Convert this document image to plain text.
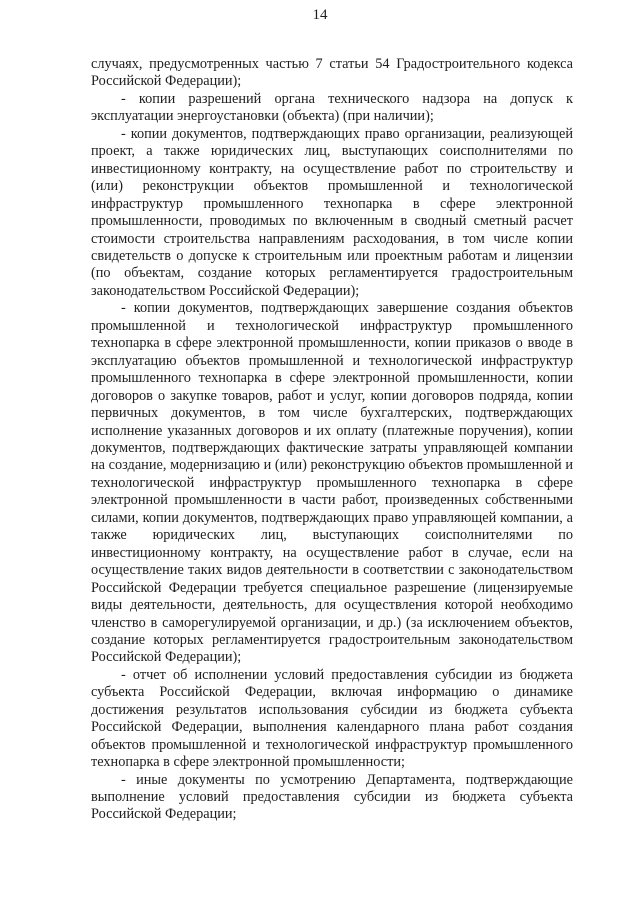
14

случаях, предусмотренных частью 7 статьи 54 Градостроительного кодекса Российской Федерации);

- копии разрешений органа технического надзора на допуск к эксплуатации энергоустановки (объекта) (при наличии);

- копии документов, подтверждающих право организации, реализующей проект, а также юридических лиц, выступающих соисполнителями по инвестиционному контракту, на осуществление работ по строительству и (или) реконструкции объектов промышленной и технологической инфраструктур промышленного технопарка в сфере электронной промышленности, проводимых по включенным в сводный сметный расчет стоимости строительства направлениям расходования, в том числе копии свидетельств о допуске к строительным или проектным работам и лицензии (по объектам, создание которых регламентируется градостроительным законодательством Российской Федерации);

- копии документов, подтверждающих завершение создания объектов промышленной и технологической инфраструктур промышленного технопарка в сфере электронной промышленности, копии приказов о вводе в эксплуатацию объектов промышленной и технологической инфраструктур промышленного технопарка в сфере электронной промышленности, копии договоров о закупке товаров, работ и услуг, копии договоров подряда, копии первичных документов, в том числе бухгалтерских, подтверждающих исполнение указанных договоров и их оплату (платежные поручения), копии документов, подтверждающих фактические затраты управляющей компании на создание, модернизацию и (или) реконструкцию объектов промышленной и технологической инфраструктур промышленного технопарка в сфере электронной промышленности в части работ, произведенных собственными силами, копии документов, подтверждающих право управляющей компании, а также юридических лиц, выступающих соисполнителями по инвестиционному контракту, на осуществление работ в случае, если на осуществление таких видов деятельности в соответствии с законодательством Российской Федерации требуется специальное разрешение (лицензируемые виды деятельности, деятельность, для осуществления которой необходимо членство в саморегулируемой организации, и др.) (за исключением объектов, создание которых регламентируется градостроительным законодательством Российской Федерации);

- отчет об исполнении условий предоставления субсидии из бюджета субъекта Российской Федерации, включая информацию о динамике достижения результатов использования субсидии из бюджета субъекта Российской Федерации, выполнения календарного плана работ создания объектов промышленной и технологической инфраструктур промышленного технопарка в сфере электронной промышленности;

- иные документы по усмотрению Департамента, подтверждающие выполнение условий предоставления субсидии из бюджета субъекта Российской Федерации;
